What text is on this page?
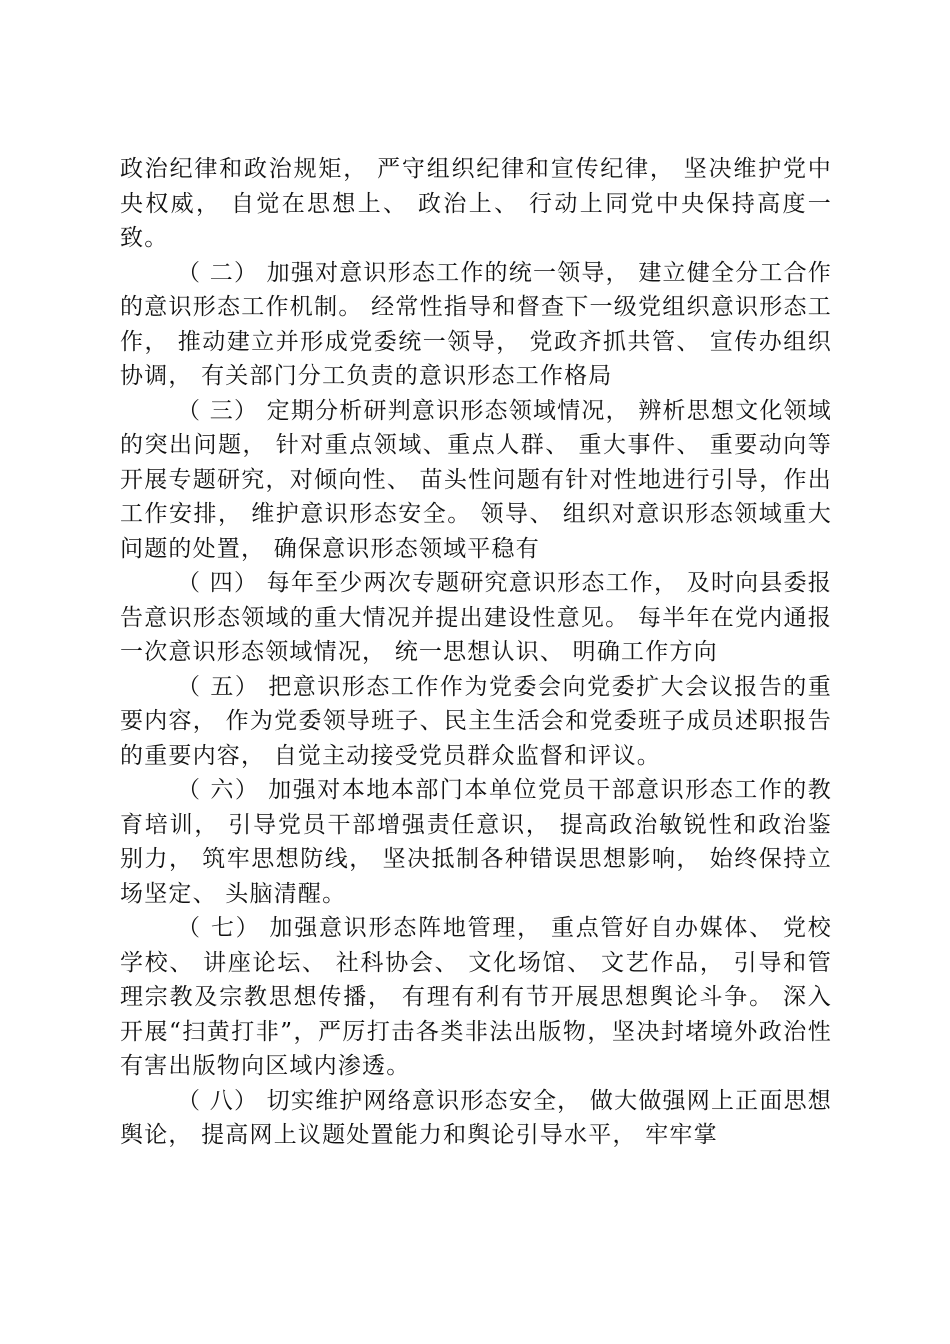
政治纪律和政治规矩， 严守组织纪律和宣传纪律， 坚决维护党中央权威， 自觉在思想上、 政治上、 行动上同党中央保持高度一致。

（ 二） 加强对意识形态工作的统一领导， 建立健全分工合作的意识形态工作机制。 经常性指导和督查下一级党组织意识形态工作， 推动建立并形成党委统一领导， 党政齐抓共管、 宣传办组织协调， 有关部门分工负责的意识形态工作格局

（ 三） 定期分析研判意识形态领域情况， 辨析思想文化领域的突出问题， 针对重点领域、重点人群、 重大事件、 重要动向等开展专题研究，对倾向性、 苗头性问题有针对性地进行引导，作出工作安排， 维护意识形态安全。 领导、 组织对意识形态领域重大问题的处置， 确保意识形态领域平稳有

（ 四） 每年至少两次专题研究意识形态工作， 及时向县委报告意识形态领域的重大情况并提出建设性意见。 每半年在党内通报一次意识形态领域情况， 统一思想认识、 明确工作方向

（ 五） 把意识形态工作作为党委会向党委扩大会议报告的重要内容， 作为党委领导班子、民主生活会和党委班子成员述职报告的重要内容， 自觉主动接受党员群众监督和评议。

（ 六） 加强对本地本部门本单位党员干部意识形态工作的教育培训， 引导党员干部增强责任意识， 提高政治敏锐性和政治鉴别力， 筑牢思想防线， 坚决抵制各种错误思想影响， 始终保持立场坚定、 头脑清醒。

（ 七） 加强意识形态阵地管理， 重点管好自办媒体、 党校学校、 讲座论坛、 社科协会、 文化场馆、 文艺作品， 引导和管理宗教及宗教思想传播， 有理有利有节开展思想舆论斗争。 深入开展“扫黄打非”，严厉打击各类非法出版物，坚决封堵境外政治性有害出版物向区域内渗透。

（ 八） 切实维护网络意识形态安全， 做大做强网上正面思想舆论， 提高网上议题处置能力和舆论引导水平， 牢牢掌
